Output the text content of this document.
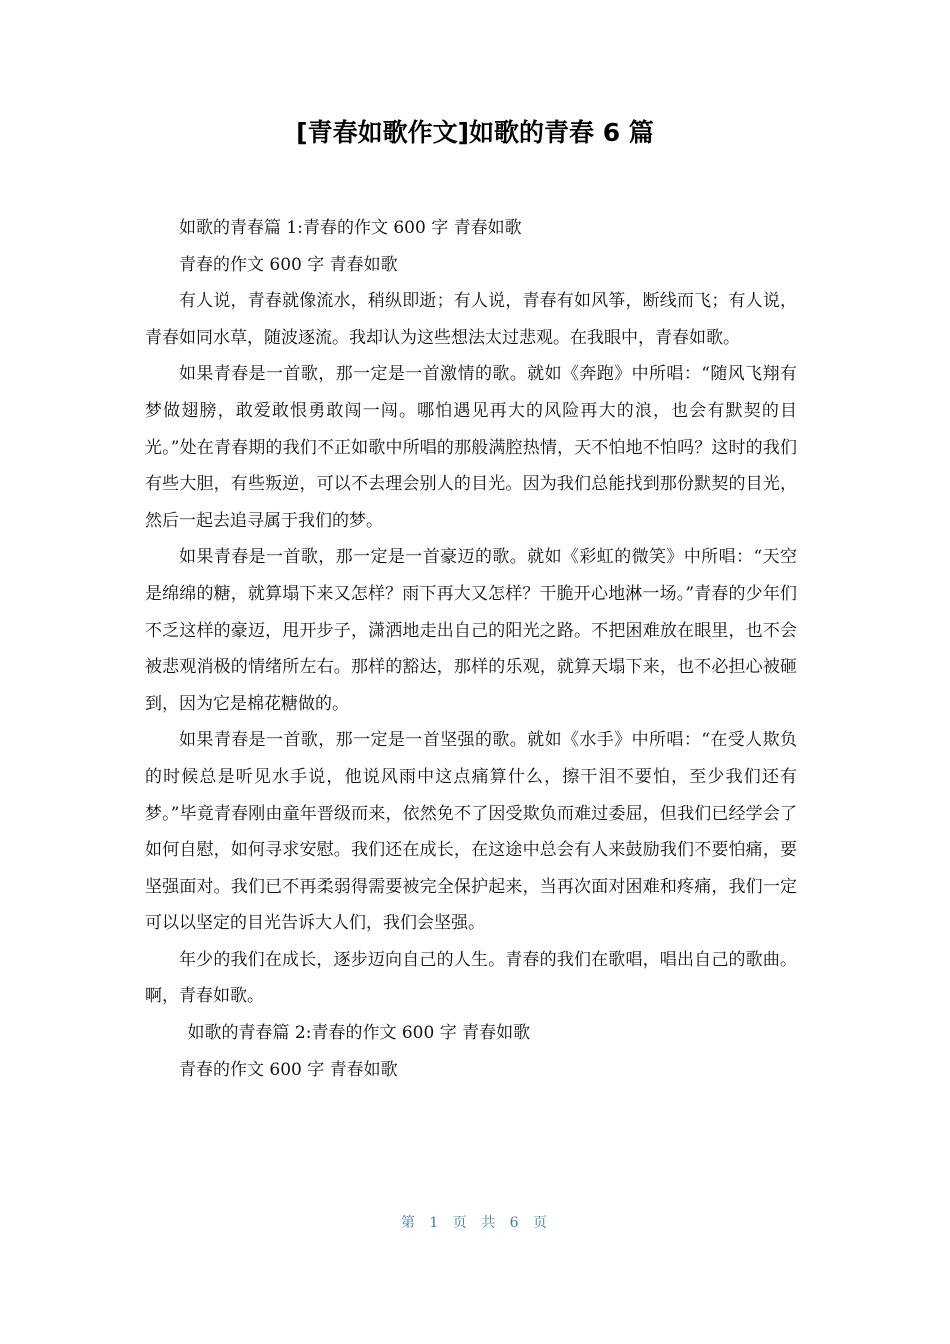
[青春如歌作文]如歌的青春 6 篇

如歌的青春篇 1:青春的作文 600 字 青春如歌

青春的作文 600 字 青春如歌

有人说，青春就像流水，稍纵即逝；有人说，青春有如风筝，断线而飞；有人说，青春如同水草，随波逐流。我却认为这些想法太过悲观。在我眼中，青春如歌。

如果青春是一首歌，那一定是一首激情的歌。就如《奔跑》中所唱：“随风飞翔有梦做翅膀，敢爱敢恨勇敢闯一闯。哪怕遇见再大的风险再大的浪，也会有默契的目光。”处在青春期的我们不正如歌中所唱的那般满腔热情，天不怕地不怕吗？这时的我们有些大胆，有些叛逆，可以不去理会别人的目光。因为我们总能找到那份默契的目光，然后一起去追寻属于我们的梦。

如果青春是一首歌，那一定是一首豪迈的歌。就如《彩虹的微笑》中所唱：“天空是绵绵的糖，就算塌下来又怎样？雨下再大又怎样？干脆开心地淋一场。”青春的少年们不乏这样的豪迈，甩开步子，潇洒地走出自己的阳光之路。不把困难放在眼里，也不会被悲观消极的情绪所左右。那样的豁达，那样的乐观，就算天塌下来，也不必担心被砸到，因为它是棉花糖做的。

如果青春是一首歌，那一定是一首坚强的歌。就如《水手》中所唱：“在受人欺负的时候总是听见水手说，他说风雨中这点痛算什么，擦干泪不要怕，至少我们还有梦。”毕竟青春刚由童年晋级而来，依然免不了因受欺负而难过委屈，但我们已经学会了如何自慰，如何寻求安慰。我们还在成长，在这途中总会有人来鼓励我们不要怕痛，要坚强面对。我们已不再柔弱得需要被完全保护起来，当再次面对困难和疼痛，我们一定可以以坚定的目光告诉大人们，我们会坚强。

年少的我们在成长，逐步迈向自己的人生。青春的我们在歌唱，唱出自己的歌曲。啊，青春如歌。

如歌的青春篇 2:青春的作文 600 字 青春如歌

青春的作文 600 字 青春如歌

第 1 页 共 6 页
